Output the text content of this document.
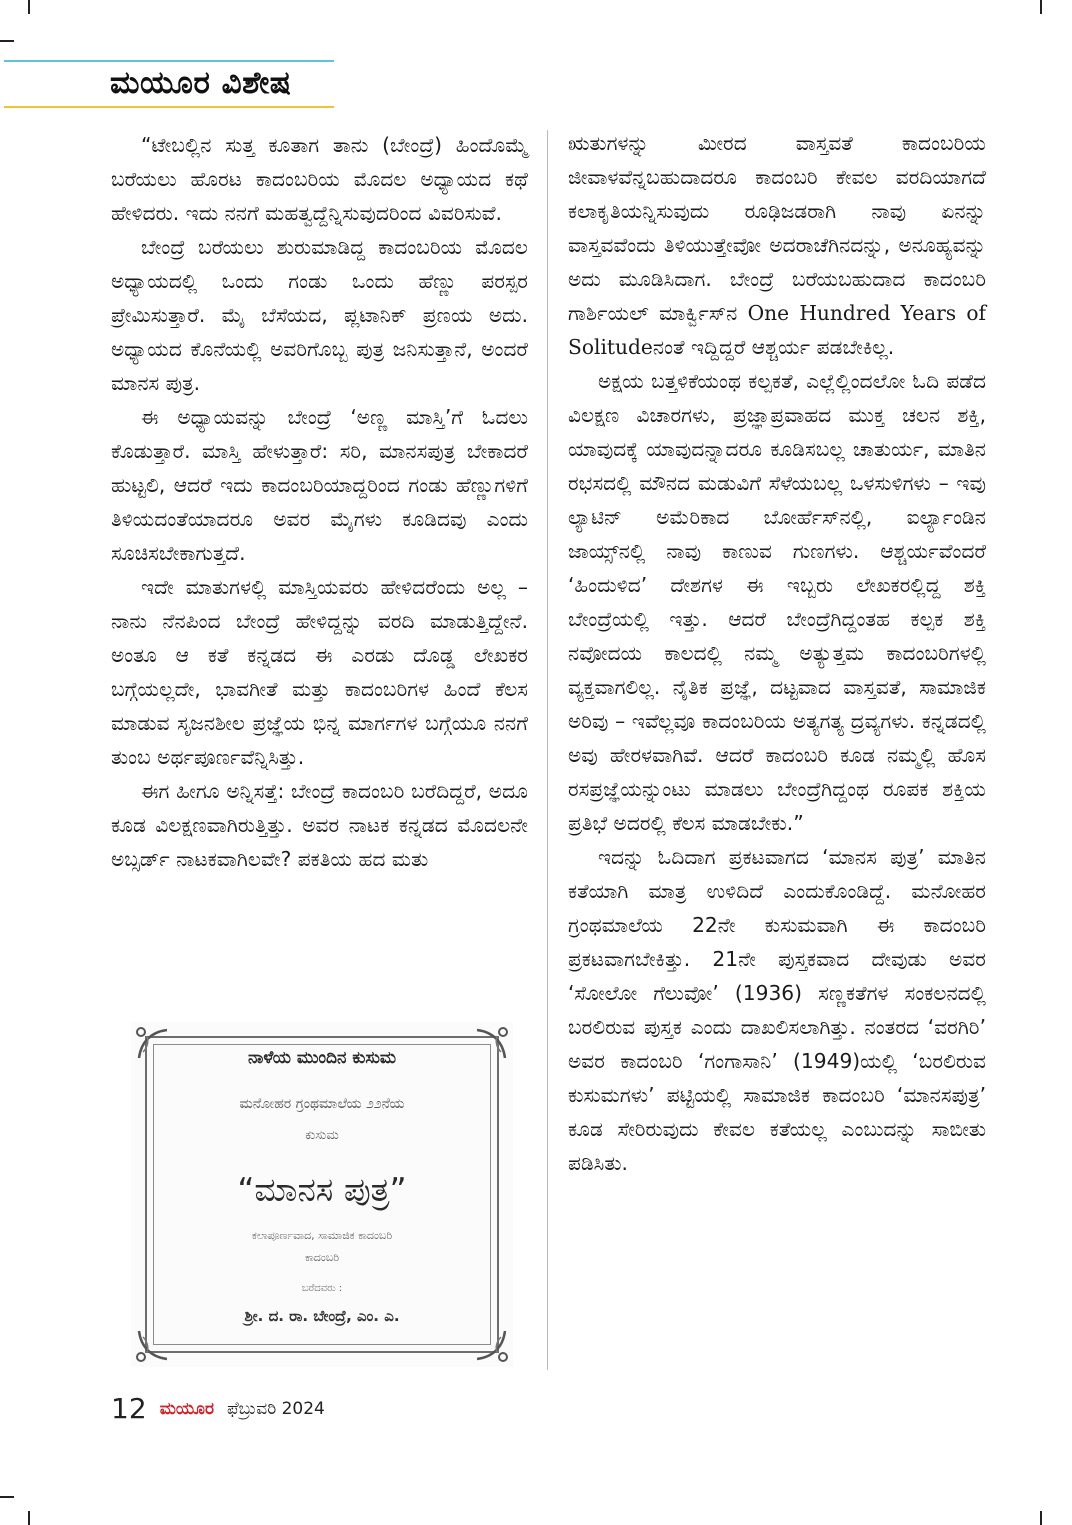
ಮಯೂರ ವಿಶೇಷ

“ಟೇಬಲ್ಲಿನ ಸುತ್ತ ಕೂತಾಗ ತಾನು (ಬೇಂದ್ರೆ) ಹಿಂದೊಮ್ಮೆ ಬರೆಯಲು ಹೊರಟ ಕಾದಂಬರಿಯ ಮೊದಲ ಅಧ್ಯಾಯದ ಕಥೆ ಹೇಳಿದರು. ಇದು ನನಗೆ ಮಹತ್ವದ್ದೆನ್ನಿಸುವುದರಿಂದ ವಿವರಿಸುವೆ.

ಬೇಂದ್ರೆ ಬರೆಯಲು ಶುರುಮಾಡಿದ್ದ ಕಾದಂಬರಿಯ ಮೊದಲ ಅಧ್ಯಾಯದಲ್ಲಿ ಒಂದು ಗಂಡು ಒಂದು ಹೆಣ್ಣು ಪರಸ್ಪರ ಪ್ರೇಮಿಸುತ್ತಾರೆ. ಮೈ ಬೆಸೆಯದ, ಪ್ಲಟಾನಿಕ್ ಪ್ರಣಯ ಅದು. ಅಧ್ಯಾಯದ ಕೊನೆಯಲ್ಲಿ ಅವರಿಗೊಬ್ಬ ಪುತ್ರ ಜನಿಸುತ್ತಾನೆ, ಅಂದರೆ ಮಾನಸ ಪುತ್ರ.

ಈ ಅಧ್ಯಾಯವನ್ನು ಬೇಂದ್ರೆ ‘ಅಣ್ಣ ಮಾಸ್ತಿ’ಗೆ ಓದಲು ಕೊಡುತ್ತಾರೆ. ಮಾಸ್ತಿ ಹೇಳುತ್ತಾರೆ: ಸರಿ, ಮಾನಸಪುತ್ರ ಬೇಕಾದರೆ ಹುಟ್ಟಲಿ, ಆದರೆ ಇದು ಕಾದಂಬರಿಯಾದ್ದರಿಂದ ಗಂಡು ಹೆಣ್ಣುಗಳಿಗೆ ತಿಳಿಯದಂತೆಯಾದರೂ ಅವರ ಮೈಗಳು ಕೂಡಿದವು ಎಂದು ಸೂಚಿಸಬೇಕಾಗುತ್ತದೆ.

ಇದೇ ಮಾತುಗಳಲ್ಲಿ ಮಾಸ್ತಿಯವರು ಹೇಳಿದರೆಂದು ಅಲ್ಲ – ನಾನು ನೆನಪಿಂದ ಬೇಂದ್ರೆ ಹೇಳಿದ್ದನ್ನು ವರದಿ ಮಾಡುತ್ತಿದ್ದೇನೆ. ಅಂತೂ ಆ ಕತೆ ಕನ್ನಡದ ಈ ಎರಡು ದೊಡ್ಡ ಲೇಖಕರ ಬಗ್ಗೆಯಲ್ಲದೇ, ಭಾವಗೀತೆ ಮತ್ತು ಕಾದಂಬರಿಗಳ ಹಿಂದೆ ಕೆಲಸ ಮಾಡುವ ಸೃಜನಶೀಲ ಪ್ರಜ್ಞೆಯ ಭಿನ್ನ ಮಾರ್ಗಗಳ ಬಗ್ಗೆಯೂ ನನಗೆ ತುಂಬ ಅರ್ಥಪೂರ್ಣವೆನ್ನಿಸಿತ್ತು.

ಈಗ ಹೀಗೂ ಅನ್ನಿಸತ್ತೆ: ಬೇಂದ್ರೆ ಕಾದಂಬರಿ ಬರೆದಿದ್ದರೆ, ಅದೂ ಕೂಡ ವಿಲಕ್ಷಣವಾಗಿರುತ್ತಿತ್ತು. ಅವರ ನಾಟಕ ಕನ್ನಡದ ಮೊದಲನೇ ಅಬ್ಸರ್ಡ್ ನಾಟಕವಾಗಿಲವೇ? ಪಕತಿಯ ಹದ ಮತು

ಋತುಗಳನ್ನು ಮೀರದ ವಾಸ್ತವತೆ ಕಾದಂಬರಿಯ ಜೀವಾಳವೆನ್ನಬಹುದಾದರೂ ಕಾದಂಬರಿ ಕೇವಲ ವರದಿಯಾಗದೆ ಕಲಾಕೃತಿಯನ್ನಿಸುವುದು ರೂಢಿಜಡರಾಗಿ ನಾವು ಏನನ್ನು ವಾಸ್ತವವೆಂದು ತಿಳಿಯುತ್ತೇವೋ ಅದರಾಚೆಗಿನದನ್ನು, ಅನೂಹ್ಯವನ್ನು ಅದು ಮೂಡಿಸಿದಾಗ. ಬೇಂದ್ರೆ ಬರೆಯಬಹುದಾದ ಕಾದಂಬರಿ ಗಾರ್ಶಿಯಲ್ ಮಾರ್ಕ್ವಿಸ್‌ನ One Hundred Years of Solitudeನಂತೆ ಇದ್ದಿದ್ದರೆ ಆಶ್ಚರ್ಯ ಪಡಬೇಕಿಲ್ಲ.

ಅಕ್ಷಯ ಬತ್ತಳಿಕೆಯಂಥ ಕಲ್ಪಕತೆ, ಎಲ್ಲೆಲ್ಲಿಂದಲೋ ಓದಿ ಪಡೆದ ವಿಲಕ್ಷಣ ವಿಚಾರಗಳು, ಪ್ರಜ್ಞಾಪ್ರವಾಹದ ಮುಕ್ತ ಚಲನ ಶಕ್ತಿ, ಯಾವುದಕ್ಕೆ ಯಾವುದನ್ನಾದರೂ ಕೂಡಿಸಬಲ್ಲ ಚಾತುರ್ಯ, ಮಾತಿನ ರಭಸದಲ್ಲಿ ಮೌನದ ಮಡುವಿಗೆ ಸೆಳೆಯಬಲ್ಲ ಒಳಸುಳಿಗಳು – ಇವು ಲ್ಯಾಟಿನ್ ಅಮೆರಿಕಾದ ಬೋರ್ಹೆಸ್‌ನಲ್ಲಿ, ಐರ್ಲ್ಯಾಂಡಿನ ಜಾಯ್ಸ್‌ನಲ್ಲಿ ನಾವು ಕಾಣುವ ಗುಣಗಳು. ಆಶ್ಚರ್ಯವೆಂದರೆ ‘ಹಿಂದುಳಿದ’ ದೇಶಗಳ ಈ ಇಬ್ಬರು ಲೇಖಕರಲ್ಲಿದ್ದ ಶಕ್ತಿ ಬೇಂದ್ರೆಯಲ್ಲಿ ಇತ್ತು. ಆದರೆ ಬೇಂದ್ರೆಗಿದ್ದಂತಹ ಕಲ್ಪಕ ಶಕ್ತಿ ನವೋದಯ ಕಾಲದಲ್ಲಿ ನಮ್ಮ ಅತ್ಯುತ್ತಮ ಕಾದಂಬರಿಗಳಲ್ಲಿ ವ್ಯಕ್ತವಾಗಲಿಲ್ಲ. ನೈತಿಕ ಪ್ರಜ್ಞೆ, ದಟ್ಟವಾದ ವಾಸ್ತವತೆ, ಸಾಮಾಜಿಕ ಅರಿವು – ಇವೆಲ್ಲವೂ ಕಾದಂಬರಿಯ ಅತ್ಯಗತ್ಯ ದ್ರವ್ಯಗಳು. ಕನ್ನಡದಲ್ಲಿ ಅವು ಹೇರಳವಾಗಿವೆ. ಆದರೆ ಕಾದಂಬರಿ ಕೂಡ ನಮ್ಮಲ್ಲಿ ಹೊಸ ರಸಪ್ರಜ್ಞೆಯನ್ನುಂಟು ಮಾಡಲು ಬೇಂದ್ರೆಗಿದ್ದಂಥ ರೂಪಕ ಶಕ್ತಿಯ ಪ್ರತಿಭೆ ಅದರಲ್ಲಿ ಕೆಲಸ ಮಾಡಬೇಕು.”

ಇದನ್ನು ಓದಿದಾಗ ಪ್ರಕಟವಾಗದ ‘ಮಾನಸ ಪುತ್ರ’ ಮಾತಿನ ಕತೆಯಾಗಿ ಮಾತ್ರ ಉಳಿದಿದೆ ಎಂದುಕೊಂಡಿದ್ದೆ. ಮನೋಹರ ಗ್ರಂಥಮಾಲೆಯ 22ನೇ ಕುಸುಮವಾಗಿ ಈ ಕಾದಂಬರಿ ಪ್ರಕಟವಾಗಬೇಕಿತ್ತು. 21ನೇ ಪುಸ್ತಕವಾದ ದೇವುಡು ಅವರ ‘ಸೋಲೋ ಗೆಲುವೋ’ (1936) ಸಣ್ಣಕತೆಗಳ ಸಂಕಲನದಲ್ಲಿ ಬರಲಿರುವ ಪುಸ್ತಕ ಎಂದು ದಾಖಲಿಸಲಾಗಿತ್ತು. ನಂತರದ ‘ವರಗಿರಿ’ ಅವರ ಕಾದಂಬರಿ ‘ಗಂಗಾಸಾನಿ’ (1949)ಯಲ್ಲಿ ‘ಬರಲಿರುವ ಕುಸುಮಗಳು’ ಪಟ್ಟಿಯಲ್ಲಿ ಸಾಮಾಜಿಕ ಕಾದಂಬರಿ ‘ಮಾನಸಪುತ್ರ’ ಕೂಡ ಸೇರಿರುವುದು ಕೇವಲ ಕತೆಯಲ್ಲ ಎಂಬುದನ್ನು ಸಾಬೀತು ಪಡಿಸಿತು.

ನಾಳೆಯ ಮುಂದಿನ ಕುಸುಮ
ಮನೋಹರ ಗ್ರಂಥಮಾಲೆಯ ೨೨ನೆಯ
ಕುಸುಮ
“ಮಾನಸ ಪುತ್ರ”
ಕಲಾಪೂರ್ಣವಾದ, ಸಾಮಾಜಿಕ ಕಾದಂಬರಿ
ಕಾದಂಬರಿ
ಬರೆದವರು :
ಶ್ರೀ. ದ. ರಾ. ಬೇಂದ್ರೆ, ಎಂ. ಎ.
12 ಮಯೂರ ಫೆಬ್ರುವರಿ 2024
